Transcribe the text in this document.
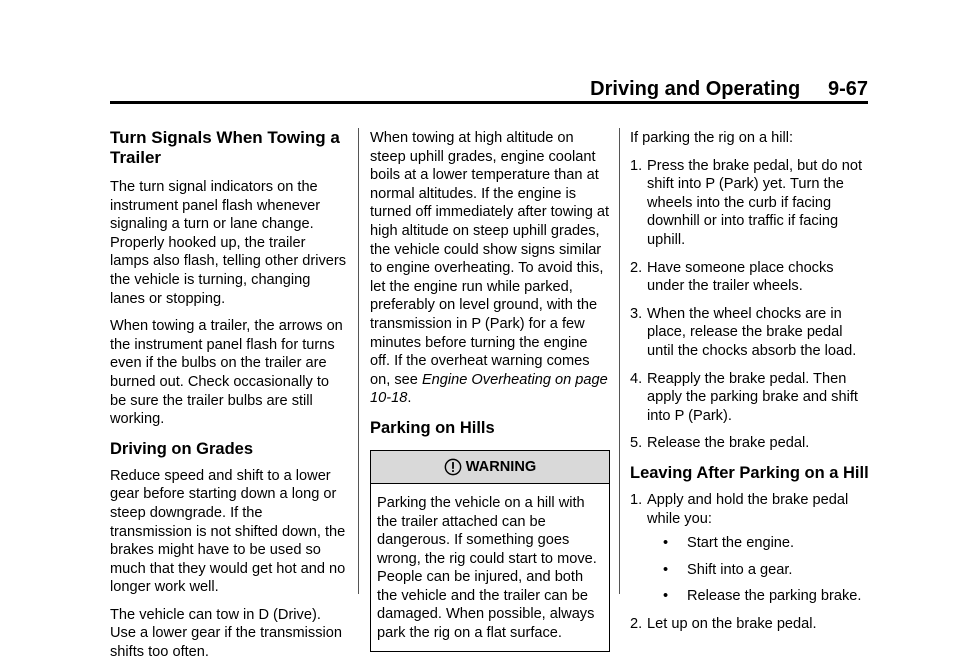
Driving and Operating     9-67
Turn Signals When Towing a Trailer

The turn signal indicators on the instrument panel flash whenever signaling a turn or lane change. Properly hooked up, the trailer lamps also flash, telling other drivers the vehicle is turning, changing lanes or stopping.

When towing a trailer, the arrows on the instrument panel flash for turns even if the bulbs on the trailer are burned out. Check occasionally to be sure the trailer bulbs are still working.

Driving on Grades

Reduce speed and shift to a lower gear before starting down a long or steep downgrade. If the transmission is not shifted down, the brakes might have to be used so much that they would get hot and no longer work well.

The vehicle can tow in D (Drive). Use a lower gear if the transmission shifts too often.

When towing at high altitude on steep uphill grades, engine coolant boils at a lower temperature than at normal altitudes. If the engine is turned off immediately after towing at high altitude on steep uphill grades, the vehicle could show signs similar to engine overheating. To avoid this, let the engine run while parked, preferably on level ground, with the transmission in P (Park) for a few minutes before turning the engine off. If the overheat warning comes on, see Engine Overheating on page 10-18.

Parking on Hills
WARNING
Parking the vehicle on a hill with the trailer attached can be dangerous. If something goes wrong, the rig could start to move. People can be injured, and both the vehicle and the trailer can be damaged. When possible, always park the rig on a flat surface.

If parking the rig on a hill:

1. Press the brake pedal, but do not shift into P (Park) yet. Turn the wheels into the curb if facing downhill or into traffic if facing uphill.
2. Have someone place chocks under the trailer wheels.
3. When the wheel chocks are in place, release the brake pedal until the chocks absorb the load.
4. Reapply the brake pedal. Then apply the parking brake and shift into P (Park).
5. Release the brake pedal.
Leaving After Parking on a Hill
1. Apply and hold the brake pedal while you:
• Start the engine.
• Shift into a gear.
• Release the parking brake.
2. Let up on the brake pedal.
